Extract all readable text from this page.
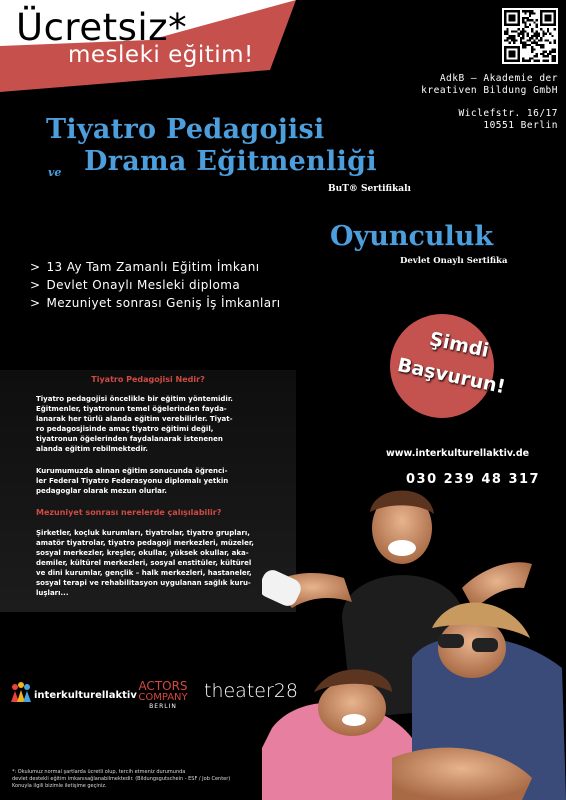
Ücretsiz*
mesleki eğitim!
AdkB – Akademie der
kreativen Bildung GmbH
Wiclefstr. 16/17
10551 Berlin
Tiyatro Pedagojisi
ve Drama Eğitmenliği
BuT® Sertifikalı
Oyunculuk
Devlet Onaylı Sertifika
> 13 Ay Tam Zamanlı Eğitim İmkanı
> Devlet Onaylı Mesleki diploma
> Mezuniyet sonrası Geniş İş İmkanları
Şimdi
Başvurun!
Tiyatro Pedagojisi Nedir?
Tiyatro pedagojisi öncelikle bir eğitim yöntemidir.
Eğitmenler, tiyatronun temel öğelerinden fayda-
lanarak her türlü alanda eğitim verebilirler. Tiyat-
ro pedagosjisinde amaç tiyatro eğitimi değil,
tiyatronun öğelerinden faydalanarak istenenen
alanda eğitim rebilmektedir.
Kurumumuzda alınan eğitim sonucunda öğrenci-
ler Federal Tiyatro Federasyonu diplomalı yetkin
pedagoglar olarak mezun olurlar.
Mezuniyet sonrası nerelerde çalışılabilir?
Şirketler, koçluk kurumları, tiyatrolar, tiyatro grupları,
amatör tiyatrolar, tiyatro pedagoji merkezleri, müzeler,
sosyal merkezler, kreşler, okullar, yüksek okullar, aka-
demiler, kültürel merkezleri, sosyal enstitüler, kültürel
ve dini kurumlar, gençlik – halk merkezleri, hastaneler,
sosyal terapi ve rehabilitasyon uygulanan sağlık kuru-
luşları...
www.interkulturellaktiv.de
030 239 48 317
interkulturellaktiv
ACTORS
COMPANY
BERLIN
theater28
*: Okulumuz normal şartlarda ücretli olup, tercih etmeniz durumunda
devlet destekli eğitim imkanısağlanabilmektedir. (Bildungsgutschein - ESF / Job Center)
Konuyla ilgili bizimle iletişime geçiniz.
